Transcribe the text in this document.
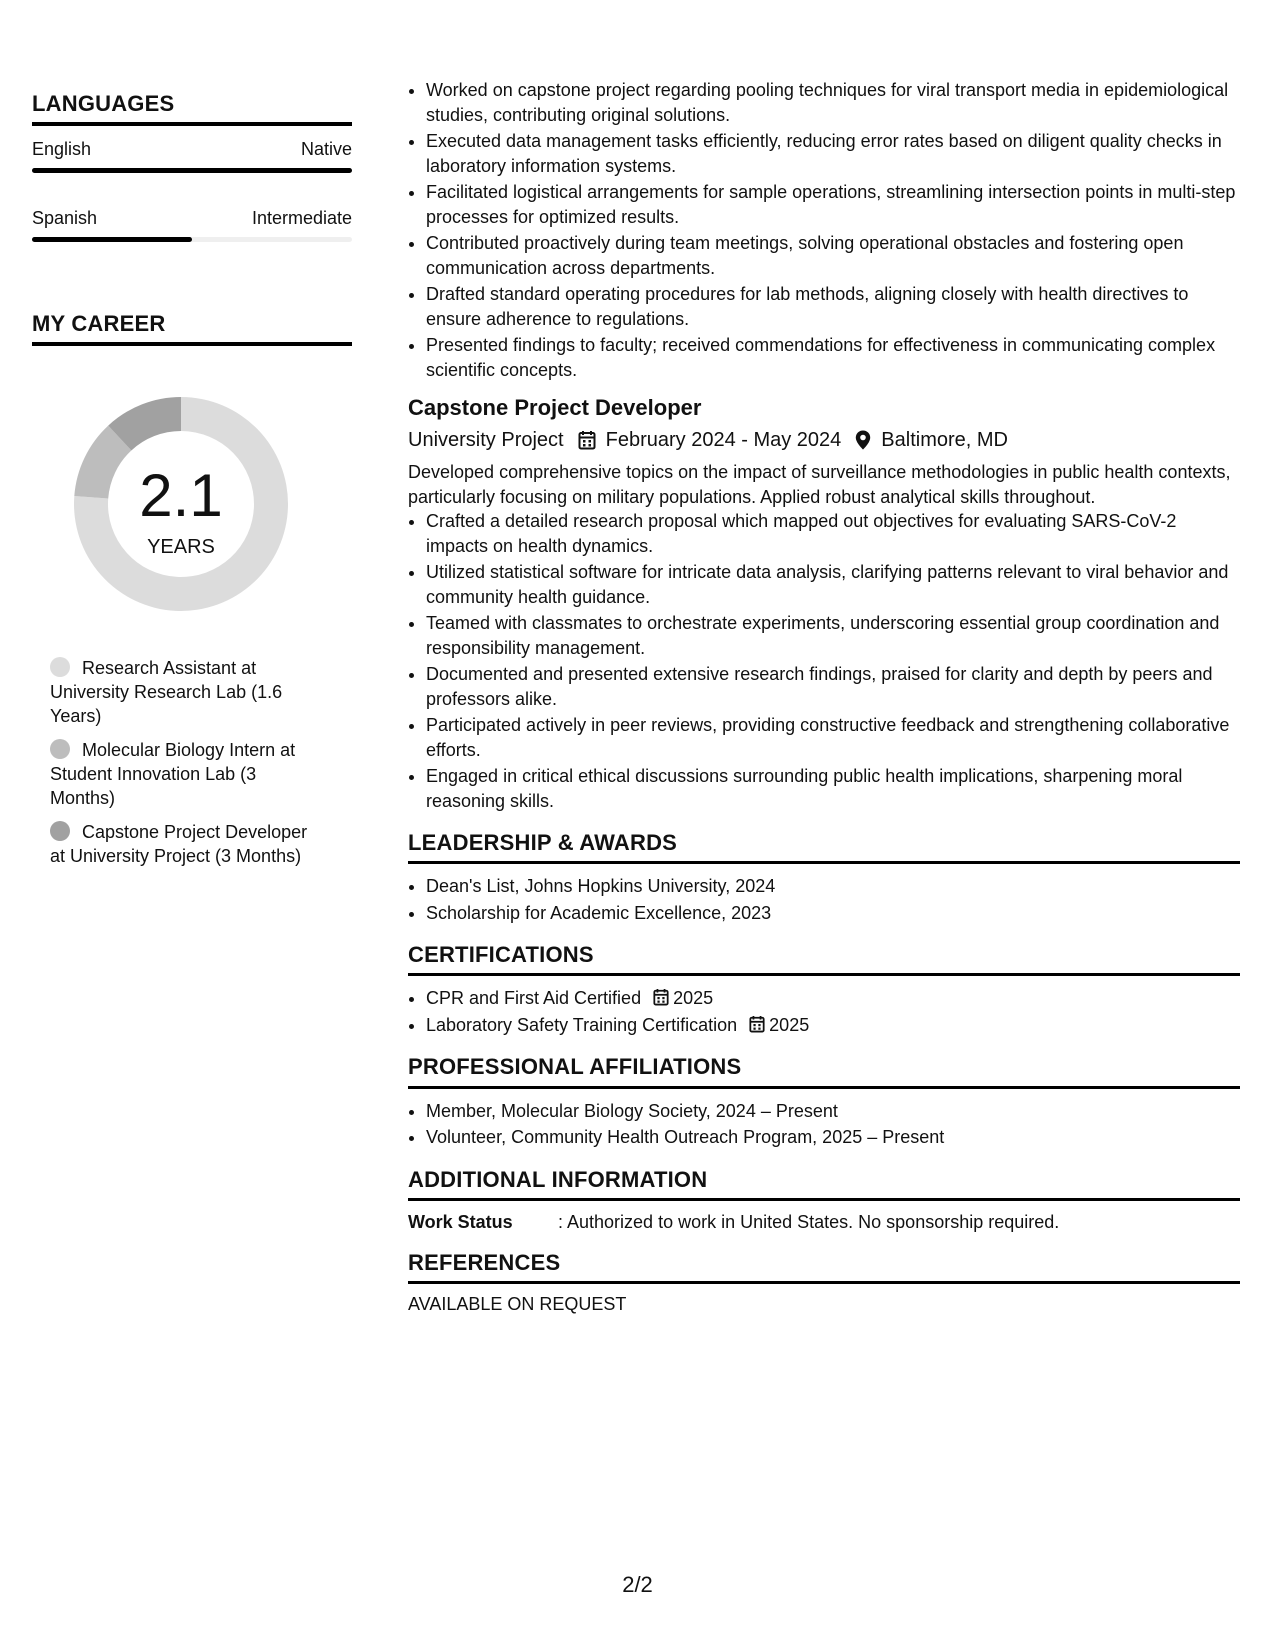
LANGUAGES
English	Native
Spanish	Intermediate
MY CAREER
2.1
YEARS
Research Assistant at University Research Lab (1.6 Years)
Molecular Biology Intern at Student Innovation Lab (3 Months)
Capstone Project Developer at University Project (3 Months)
• Worked on capstone project regarding pooling techniques for viral transport media in epidemiological studies, contributing original solutions.
• Executed data management tasks efficiently, reducing error rates based on diligent quality checks in laboratory information systems.
• Facilitated logistical arrangements for sample operations, streamlining intersection points in multi-step processes for optimized results.
• Contributed proactively during team meetings, solving operational obstacles and fostering open communication across departments.
• Drafted standard operating procedures for lab methods, aligning closely with health directives to ensure adherence to regulations.
• Presented findings to faculty; received commendations for effectiveness in communicating complex scientific concepts.
Capstone Project Developer
University Project February 2024 - May 2024 Baltimore, MD
Developed comprehensive topics on the impact of surveillance methodologies in public health contexts, particularly focusing on military populations. Applied robust analytical skills throughout.
• Crafted a detailed research proposal which mapped out objectives for evaluating SARS-CoV-2 impacts on health dynamics.
• Utilized statistical software for intricate data analysis, clarifying patterns relevant to viral behavior and community health guidance.
• Teamed with classmates to orchestrate experiments, underscoring essential group coordination and responsibility management.
• Documented and presented extensive research findings, praised for clarity and depth by peers and professors alike.
• Participated actively in peer reviews, providing constructive feedback and strengthening collaborative efforts.
• Engaged in critical ethical discussions surrounding public health implications, sharpening moral reasoning skills.
LEADERSHIP & AWARDS
• Dean's List, Johns Hopkins University, 2024
• Scholarship for Academic Excellence, 2023
CERTIFICATIONS
• CPR and First Aid Certified 2025
• Laboratory Safety Training Certification 2025
PROFESSIONAL AFFILIATIONS
• Member, Molecular Biology Society, 2024 – Present
• Volunteer, Community Health Outreach Program, 2025 – Present
ADDITIONAL INFORMATION
Work Status	: Authorized to work in United States. No sponsorship required.
REFERENCES
AVAILABLE ON REQUEST
2/2
